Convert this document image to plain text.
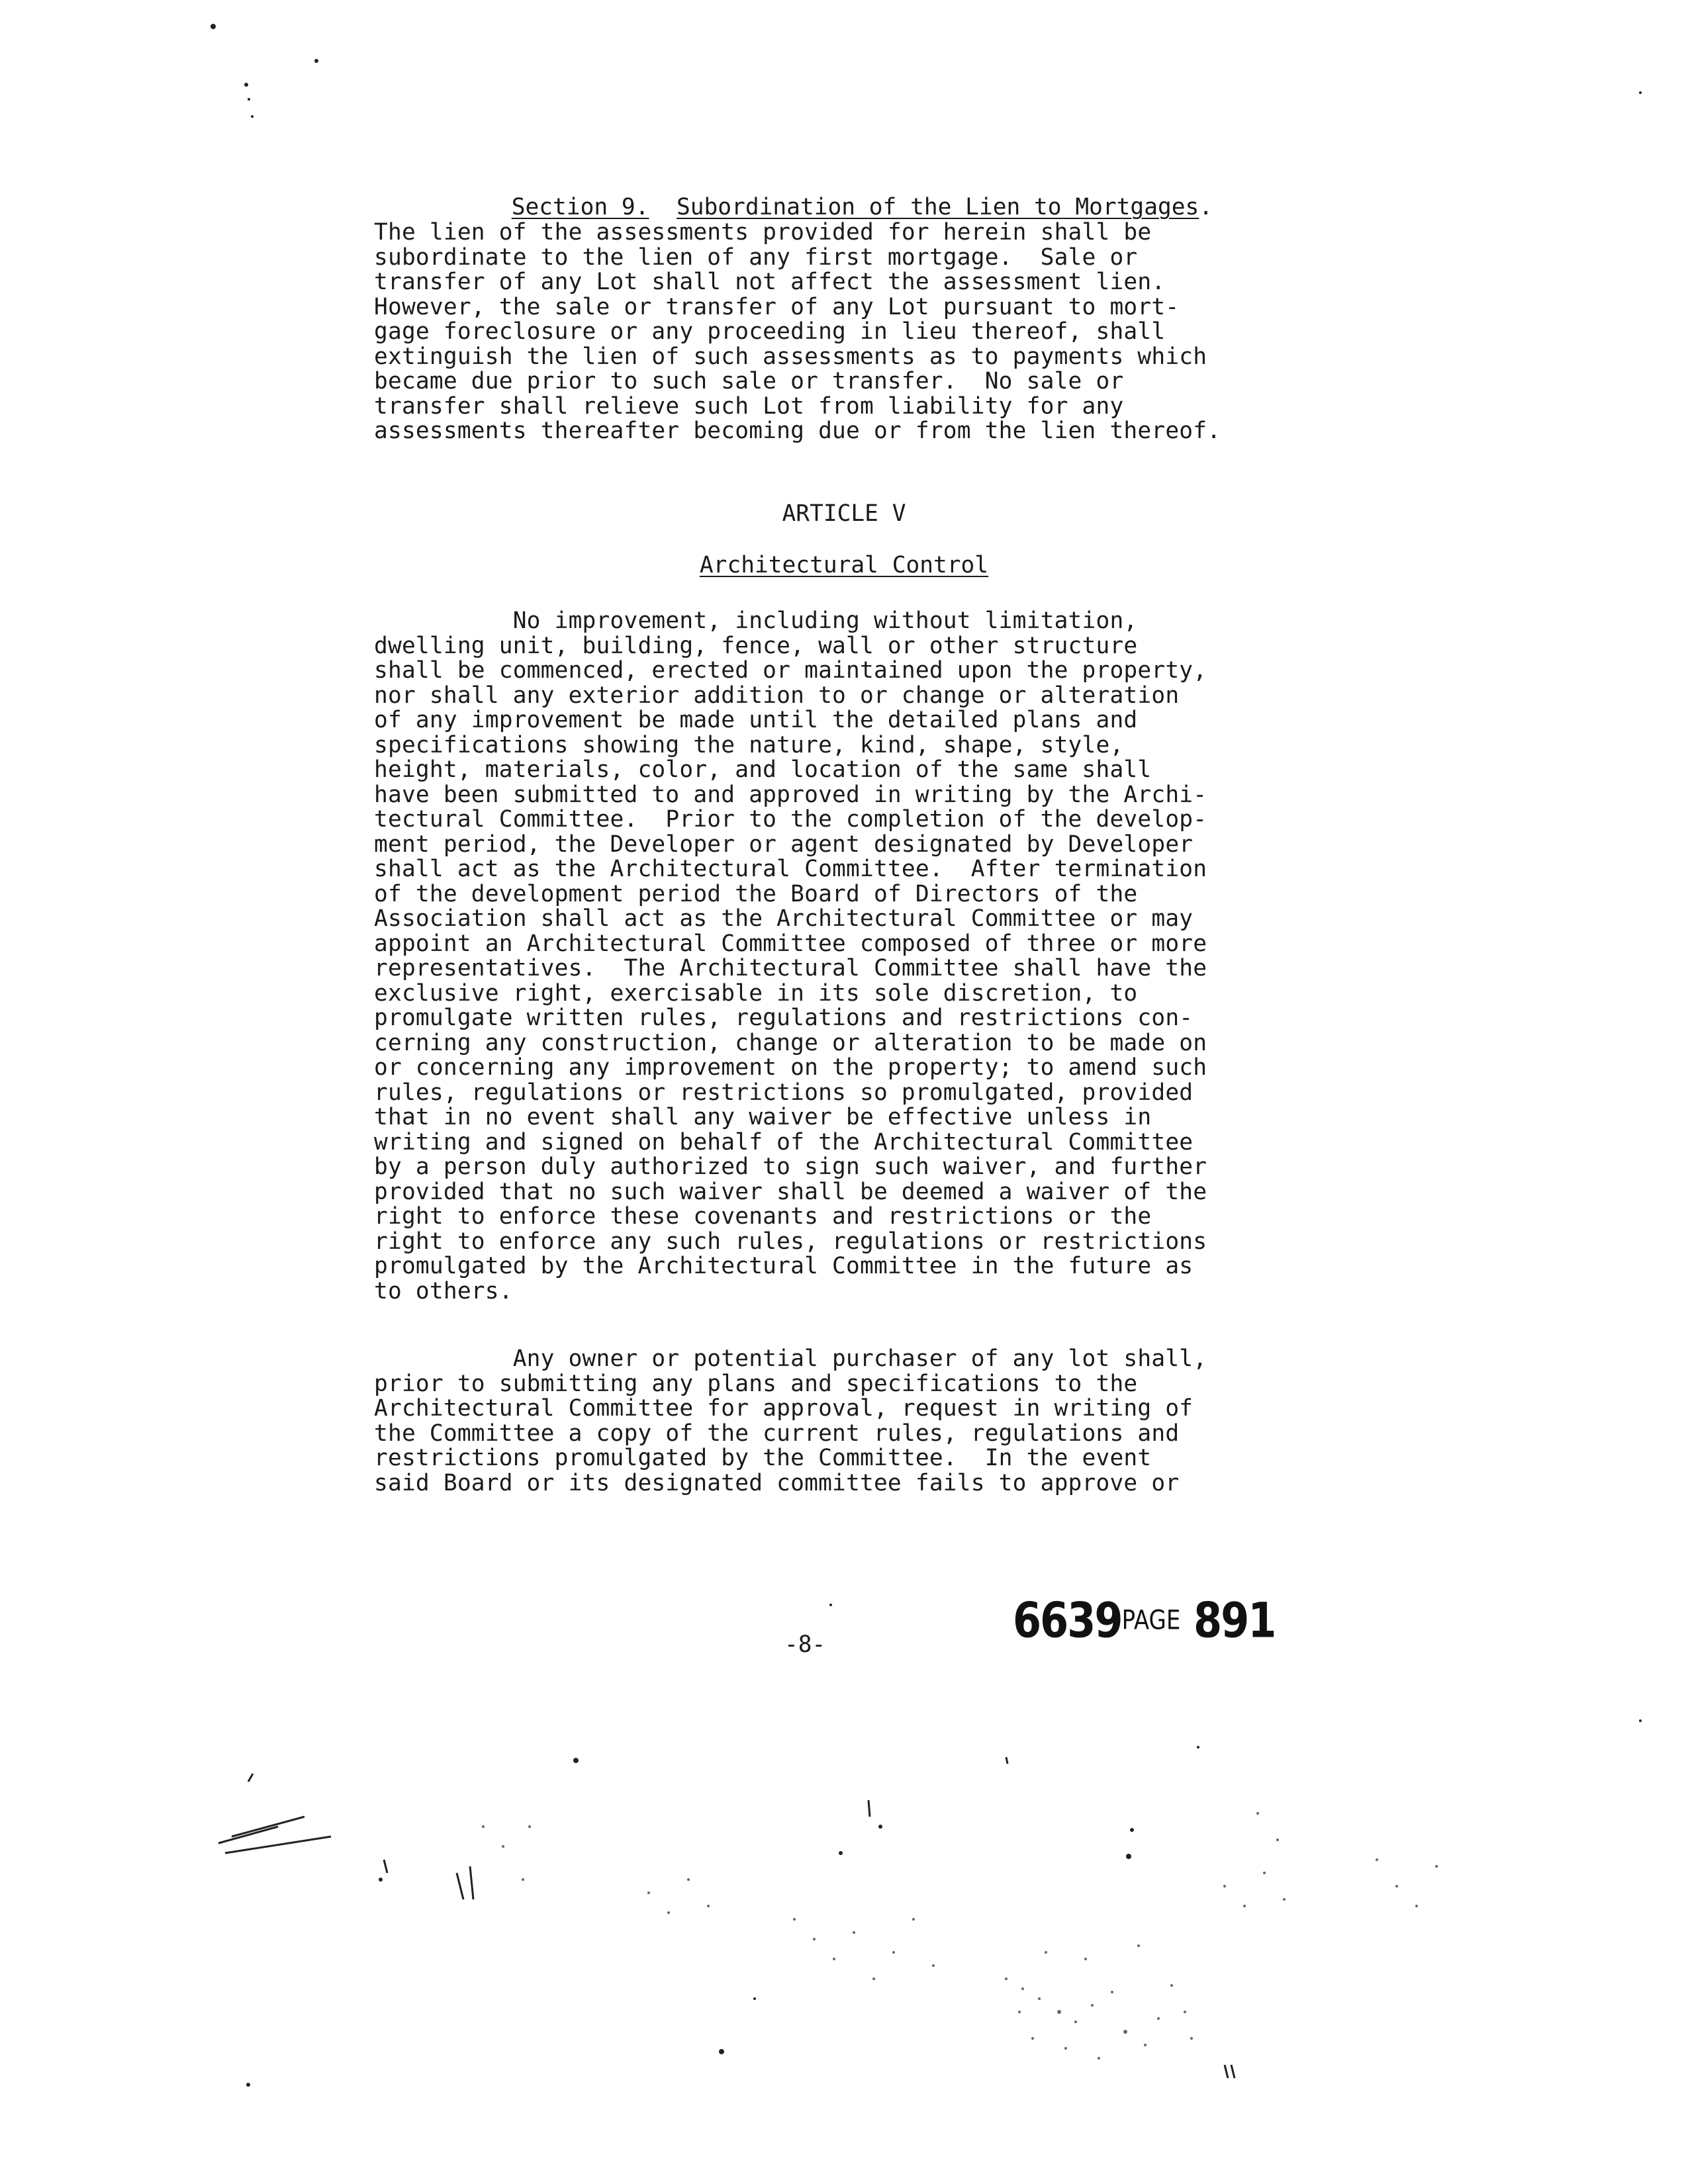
Section 9. Subordination of the Lien to Mortgages.
The lien of the assessments provided for herein shall be
subordinate to the lien of any first mortgage.  Sale or
transfer of any Lot shall not affect the assessment lien.
However, the sale or transfer of any Lot pursuant to mort-
gage foreclosure or any proceeding in lieu thereof, shall
extinguish the lien of such assessments as to payments which
became due prior to such sale or transfer.  No sale or
transfer shall relieve such Lot from liability for any
assessments thereafter becoming due or from the lien thereof.
ARTICLE V
Architectural Control
No improvement, including without limitation,
dwelling unit, building, fence, wall or other structure
shall be commenced, erected or maintained upon the property,
nor shall any exterior addition to or change or alteration
of any improvement be made until the detailed plans and
specifications showing the nature, kind, shape, style,
height, materials, color, and location of the same shall
have been submitted to and approved in writing by the Archi-
tectural Committee.  Prior to the completion of the develop-
ment period, the Developer or agent designated by Developer
shall act as the Architectural Committee.  After termination
of the development period the Board of Directors of the
Association shall act as the Architectural Committee or may
appoint an Architectural Committee composed of three or more
representatives.  The Architectural Committee shall have the
exclusive right, exercisable in its sole discretion, to
promulgate written rules, regulations and restrictions con-
cerning any construction, change or alteration to be made on
or concerning any improvement on the property; to amend such
rules, regulations or restrictions so promulgated, provided
that in no event shall any waiver be effective unless in
writing and signed on behalf of the Architectural Committee
by a person duly authorized to sign such waiver, and further
provided that no such waiver shall be deemed a waiver of the
right to enforce these covenants and restrictions or the
right to enforce any such rules, regulations or restrictions
promulgated by the Architectural Committee in the future as
to others.
Any owner or potential purchaser of any lot shall,
prior to submitting any plans and specifications to the
Architectural Committee for approval, request in writing of
the Committee a copy of the current rules, regulations and
restrictions promulgated by the Committee.  In the event
said Board or its designated committee fails to approve or
-8-	6639PAGE 891
